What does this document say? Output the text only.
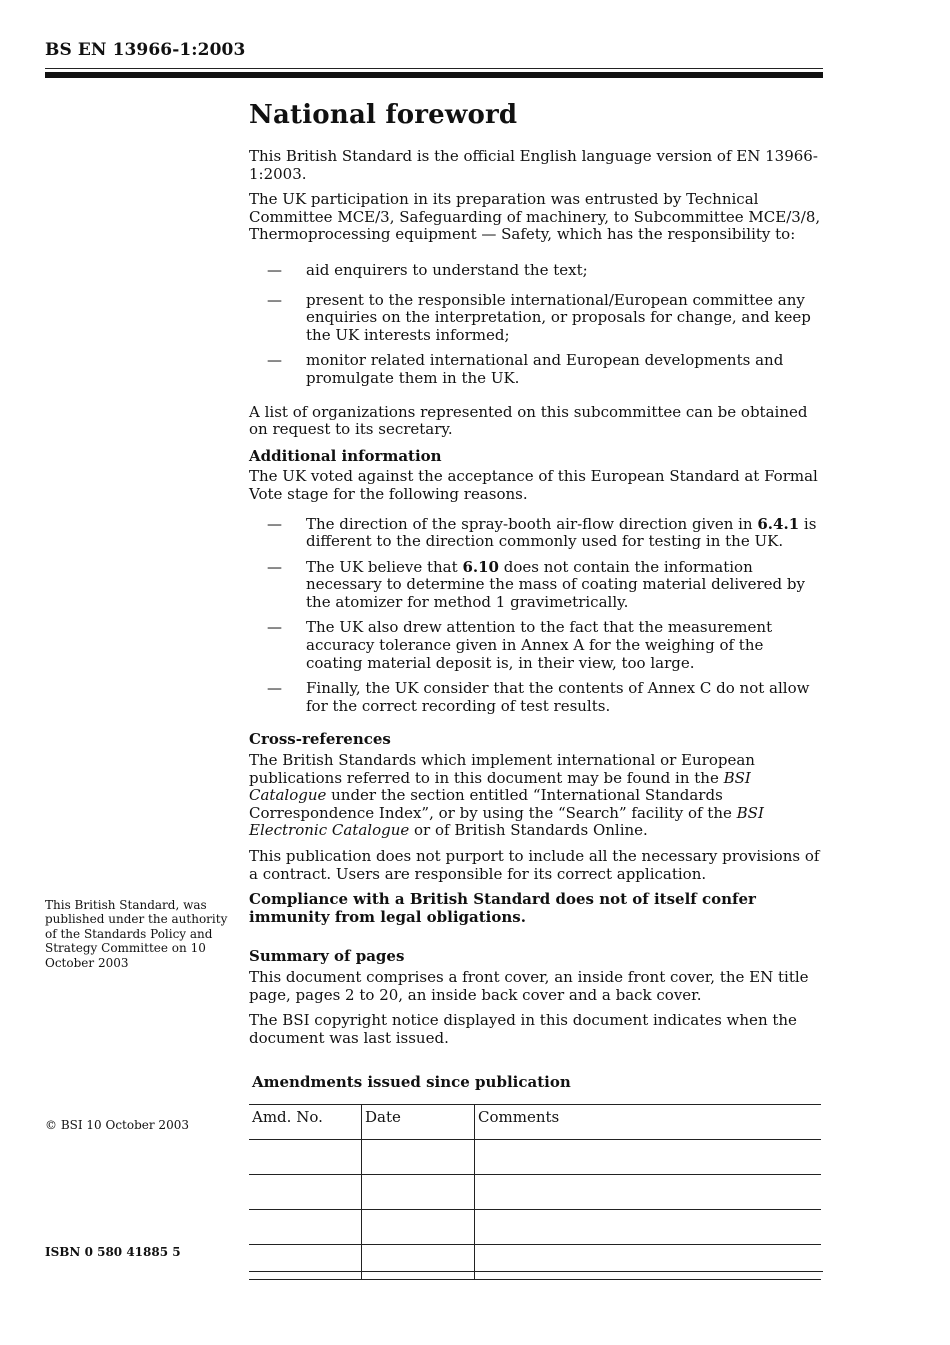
BS EN 13966-1:2003
National foreword

This British Standard is the official English language version of EN 13966-1:2003.

The UK participation in its preparation was entrusted by Technical Committee MCE/3, Safeguarding of machinery, to Subcommittee MCE/3/8, Thermoprocessing equipment — Safety, which has the responsibility to:

— aid enquirers to understand the text;
— present to the responsible international/European committee any enquiries on the interpretation, or proposals for change, and keep the UK interests informed;
— monitor related international and European developments and promulgate them in the UK.

A list of organizations represented on this subcommittee can be obtained on request to its secretary.

Additional information

The UK voted against the acceptance of this European Standard at Formal Vote stage for the following reasons.

— The direction of the spray-booth air-flow direction given in 6.4.1 is different to the direction commonly used for testing in the UK.
— The UK believe that 6.10 does not contain the information necessary to determine the mass of coating material delivered by the atomizer for method 1 gravimetrically.
— The UK also drew attention to the fact that the measurement accuracy tolerance given in Annex A for the weighing of the coating material deposit is, in their view, too large.
— Finally, the UK consider that the contents of Annex C do not allow for the correct recording of test results.
Cross-references

The British Standards which implement international or European publications referred to in this document may be found in the BSI Catalogue under the section entitled “International Standards Correspondence Index”, or by using the “Search” facility of the BSI Electronic Catalogue or of British Standards Online.

This publication does not purport to include all the necessary provisions of a contract. Users are responsible for its correct application.

Compliance with a British Standard does not of itself confer immunity from legal obligations.

Summary of pages

This document comprises a front cover, an inside front cover, the EN title page, pages 2 to 20, an inside back cover and a back cover.

The BSI copyright notice displayed in this document indicates when the document was last issued.

Amendments issued since publication
Amd. No.	Date	Comments

This British Standard, was published under the authority of the Standards Policy and Strategy Committee on 10 October 2003
© BSI 10 October 2003
ISBN 0 580 41885 5
